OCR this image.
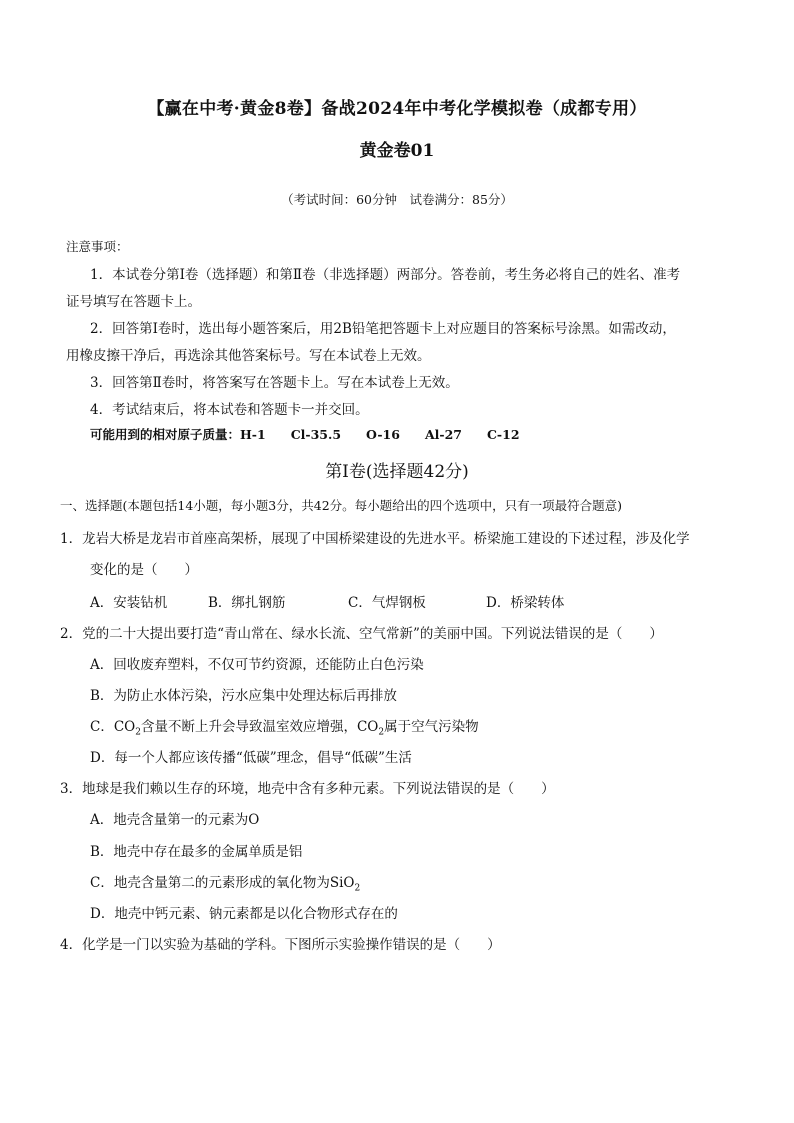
【赢在中考·黄金8卷】备战2024年中考化学模拟卷（成都专用）
黄金卷01
（考试时间：60分钟　试卷满分：85分）
注意事项：
1．本试卷分第Ⅰ卷（选择题）和第Ⅱ卷（非选择题）两部分。答卷前，考生务必将自己的姓名、准考
证号填写在答题卡上。
2．回答第Ⅰ卷时，选出每小题答案后，用2B铅笔把答题卡上对应题目的答案标号涂黑。如需改动，
用橡皮擦干净后，再选涂其他答案标号。写在本试卷上无效。
3．回答第Ⅱ卷时，将答案写在答题卡上。写在本试卷上无效。
4．考试结束后，将本试卷和答题卡一并交回。
可能用到的相对原子质量：H-1　　Cl-35.5　　O-16　　Al-27　　C-12
第Ⅰ卷(选择题42分)
一、选择题(本题包括14小题，每小题3分，共42分。每小题给出的四个选项中，只有一项最符合题意)
1．龙岩大桥是龙岩市首座高架桥，展现了中国桥梁建设的先进水平。桥梁施工建设的下述过程，涉及化学
变化的是（　　）
A．安装钻机	B．绑扎钢筋	C．气焊钢板	D．桥梁转体
2．党的二十大提出要打造“青山常在、绿水长流、空气常新”的美丽中国。下列说法错误的是（　　）
A．回收废弃塑料，不仅可节约资源，还能防止白色污染
B．为防止水体污染，污水应集中处理达标后再排放
C．$CO_2$含量不断上升会导致温室效应增强，$CO_2$属于空气污染物
D．每一个人都应该传播“低碳”理念，倡导“低碳”生活
3．地球是我们赖以生存的环境，地壳中含有多种元素。下列说法错误的是（　　）
A．地壳含量第一的元素为O
B．地壳中存在最多的金属单质是铝
C．地壳含量第二的元素形成的氧化物为SiO$_2$
D．地壳中钙元素、钠元素都是以化合物形式存在的
4．化学是一门以实验为基础的学科。下图所示实验操作错误的是（　　）
